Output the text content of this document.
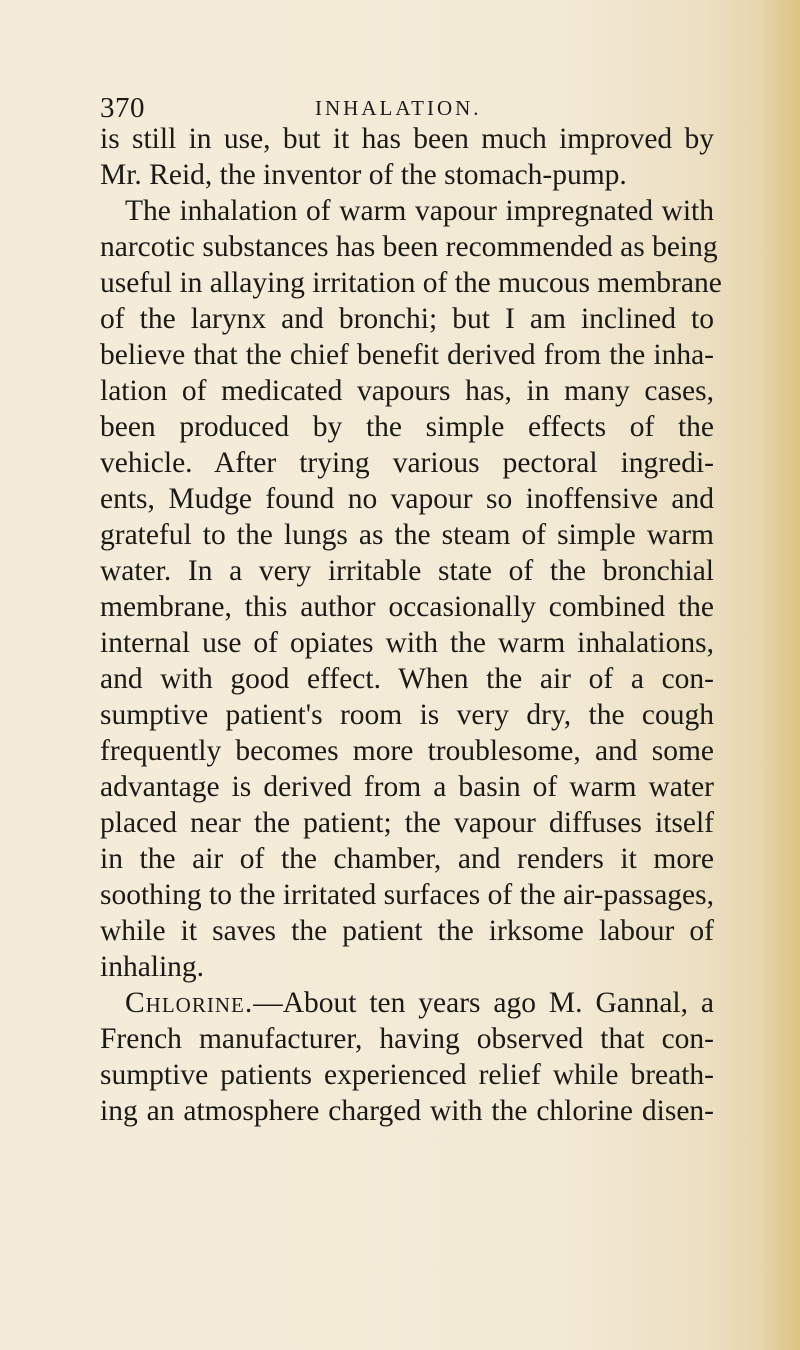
370	INHALATION.
is still in use, but it has been much improved by
Mr. Reid, the inventor of the stomach-pump.
The inhalation of warm vapour impregnated with
narcotic substances has been recommended as being
useful in allaying irritation of the mucous membrane
of the larynx and bronchi; but I am inclined to
believe that the chief benefit derived from the inha-
lation of medicated vapours has, in many cases,
been produced by the simple effects of the
vehicle. After trying various pectoral ingredi-
ents, Mudge found no vapour so inoffensive and
grateful to the lungs as the steam of simple warm
water. In a very irritable state of the bronchial
membrane, this author occasionally combined the
internal use of opiates with the warm inhalations,
and with good effect. When the air of a con-
sumptive patient's room is very dry, the cough
frequently becomes more troublesome, and some
advantage is derived from a basin of warm water
placed near the patient; the vapour diffuses itself
in the air of the chamber, and renders it more
soothing to the irritated surfaces of the air-passages,
while it saves the patient the irksome labour of
inhaling.
Chlorine.—About ten years ago M. Gannal, a
French manufacturer, having observed that con-
sumptive patients experienced relief while breath-
ing an atmosphere charged with the chlorine disen-
